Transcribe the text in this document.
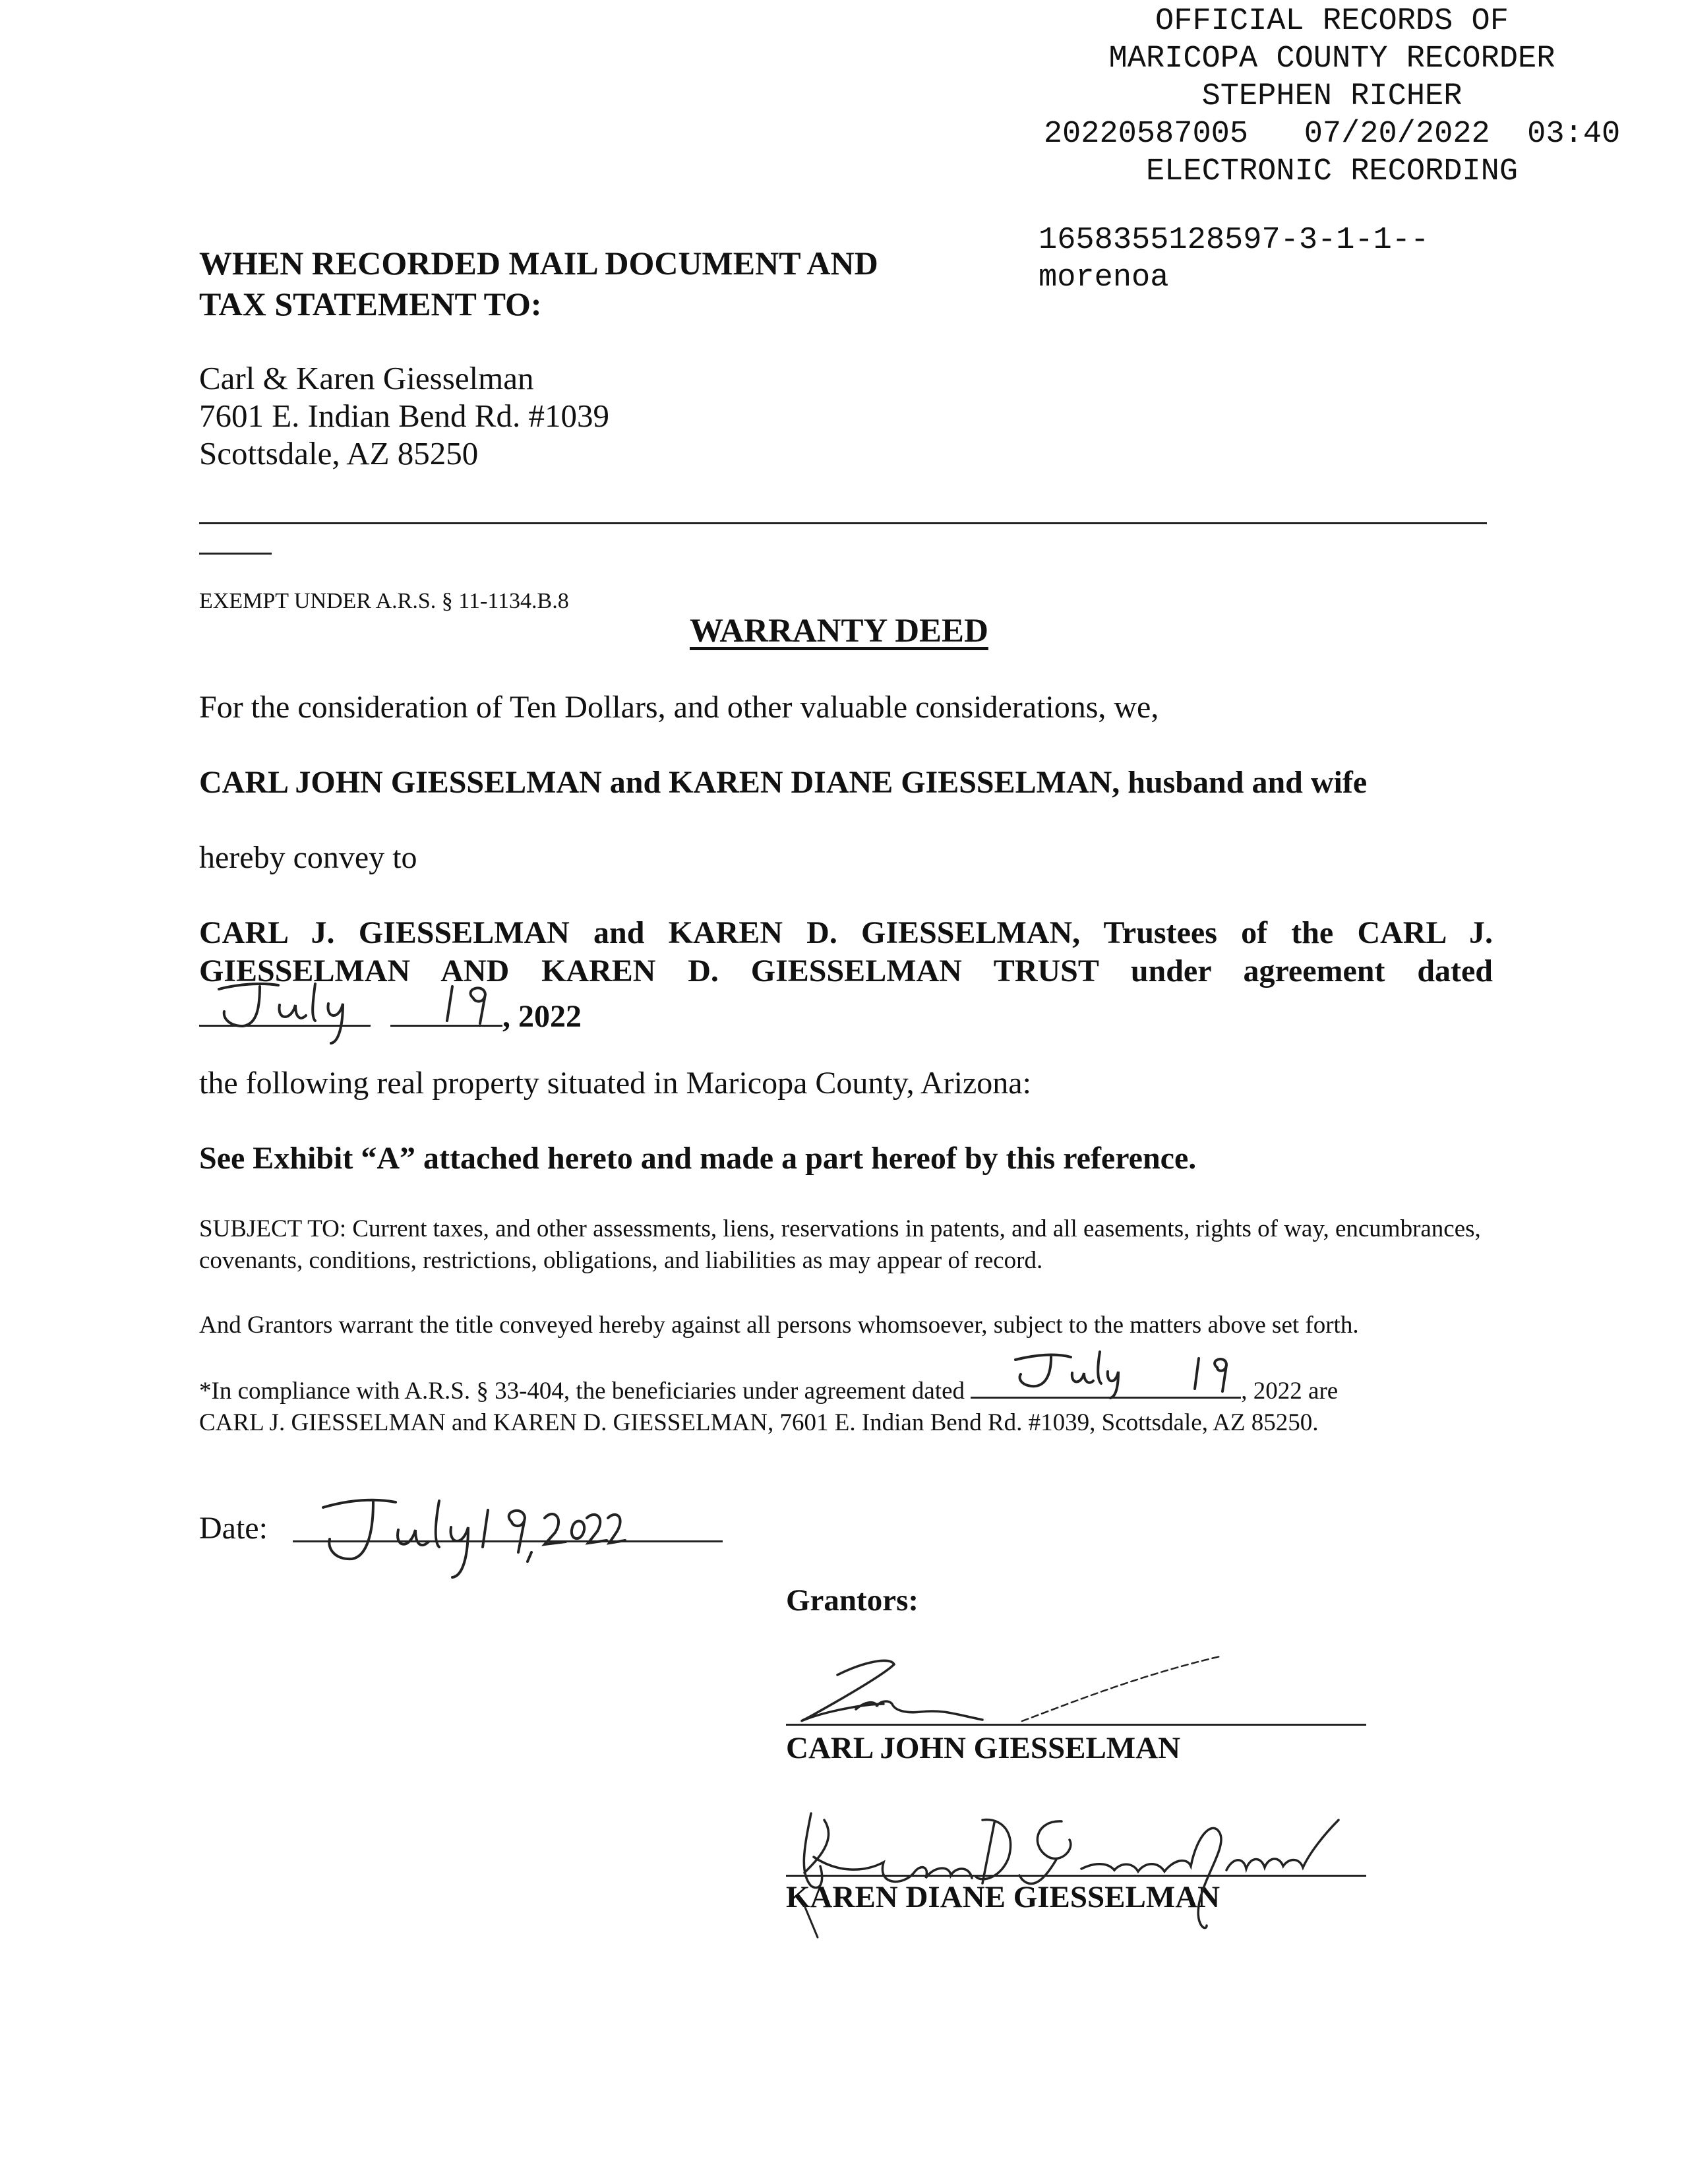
OFFICIAL RECORDS OF
MARICOPA COUNTY RECORDER
STEPHEN RICHER
20220587005   07/20/2022  03:40
ELECTRONIC RECORDING
1658355128597-3-1-1--
morenoa
WHEN RECORDED MAIL DOCUMENT AND
TAX STATEMENT TO:
Carl & Karen Giesselman
7601 E. Indian Bend Rd. #1039
Scottsdale, AZ 85250
EXEMPT UNDER A.R.S. § 11-1134.B.8
WARRANTY DEED
For the consideration of Ten Dollars, and other valuable considerations, we,
CARL JOHN GIESSELMAN and KAREN DIANE GIESSELMAN, husband and wife
hereby convey to
CARL J. GIESSELMAN and KAREN D. GIESSELMAN, Trustees of the CARL J.
GIESSELMAN AND KAREN D. GIESSELMAN TRUST under agreement dated
, 2022
the following real property situated in Maricopa County, Arizona:
See Exhibit “A” attached hereto and made a part hereof by this reference.
SUBJECT TO: Current taxes, and other assessments, liens, reservations in patents, and all easements, rights of way, encumbrances, covenants, conditions, restrictions, obligations, and liabilities as may appear of record.
And Grantors warrant the title conveyed hereby against all persons whomsoever, subject to the matters above set forth.
*In compliance with A.R.S. § 33-404, the beneficiaries under agreement dated	, 2022 are
CARL J. GIESSELMAN and KAREN D. GIESSELMAN, 7601 E. Indian Bend Rd. #1039, Scottsdale, AZ 85250.
Date:
Grantors:
CARL JOHN GIESSELMAN
KAREN DIANE GIESSELMAN
